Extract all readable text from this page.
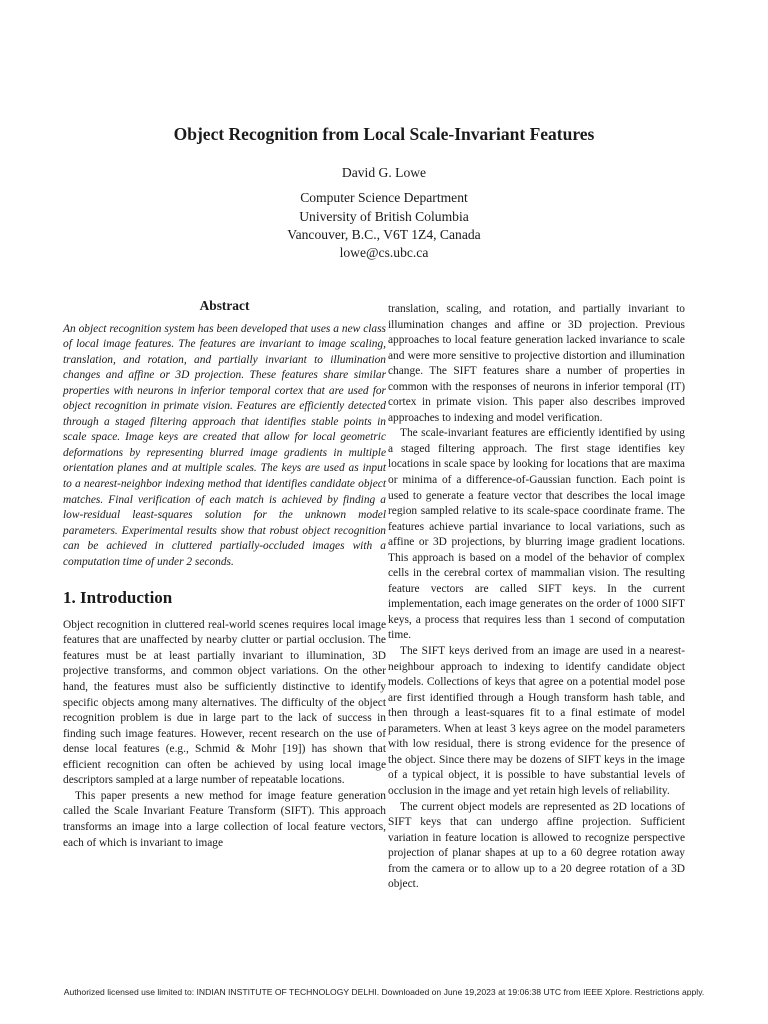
Object Recognition from Local Scale-Invariant Features
David G. Lowe
Computer Science Department
University of British Columbia
Vancouver, B.C., V6T 1Z4, Canada
lowe@cs.ubc.ca
Abstract

An object recognition system has been developed that uses a new class of local image features. The features are invariant to image scaling, translation, and rotation, and partially invariant to illumination changes and affine or 3D projection. These features share similar properties with neurons in inferior temporal cortex that are used for object recognition in primate vision. Features are efficiently detected through a staged filtering approach that identifies stable points in scale space. Image keys are created that allow for local geometric deformations by representing blurred image gradients in multiple orientation planes and at multiple scales. The keys are used as input to a nearest-neighbor indexing method that identifies candidate object matches. Final verification of each match is achieved by finding a low-residual least-squares solution for the unknown model parameters. Experimental results show that robust object recognition can be achieved in cluttered partially-occluded images with a computation time of under 2 seconds.

1. Introduction

Object recognition in cluttered real-world scenes requires local image features that are unaffected by nearby clutter or partial occlusion. The features must be at least partially invariant to illumination, 3D projective transforms, and common object variations. On the other hand, the features must also be sufficiently distinctive to identify specific objects among many alternatives. The difficulty of the object recognition problem is due in large part to the lack of success in finding such image features. However, recent research on the use of dense local features (e.g., Schmid & Mohr [19]) has shown that efficient recognition can often be achieved by using local image descriptors sampled at a large number of repeatable locations.

This paper presents a new method for image feature generation called the Scale Invariant Feature Transform (SIFT). This approach transforms an image into a large collection of local feature vectors, each of which is invariant to image

translation, scaling, and rotation, and partially invariant to illumination changes and affine or 3D projection. Previous approaches to local feature generation lacked invariance to scale and were more sensitive to projective distortion and illumination change. The SIFT features share a number of properties in common with the responses of neurons in inferior temporal (IT) cortex in primate vision. This paper also describes improved approaches to indexing and model verification.

The scale-invariant features are efficiently identified by using a staged filtering approach. The first stage identifies key locations in scale space by looking for locations that are maxima or minima of a difference-of-Gaussian function. Each point is used to generate a feature vector that describes the local image region sampled relative to its scale-space coordinate frame. The features achieve partial invariance to local variations, such as affine or 3D projections, by blurring image gradient locations. This approach is based on a model of the behavior of complex cells in the cerebral cortex of mammalian vision. The resulting feature vectors are called SIFT keys. In the current implementation, each image generates on the order of 1000 SIFT keys, a process that requires less than 1 second of computation time.

The SIFT keys derived from an image are used in a nearest-neighbour approach to indexing to identify candidate object models. Collections of keys that agree on a potential model pose are first identified through a Hough transform hash table, and then through a least-squares fit to a final estimate of model parameters. When at least 3 keys agree on the model parameters with low residual, there is strong evidence for the presence of the object. Since there may be dozens of SIFT keys in the image of a typical object, it is possible to have substantial levels of occlusion in the image and yet retain high levels of reliability.

The current object models are represented as 2D locations of SIFT keys that can undergo affine projection. Sufficient variation in feature location is allowed to recognize perspective projection of planar shapes at up to a 60 degree rotation away from the camera or to allow up to a 20 degree rotation of a 3D object.

Authorized licensed use limited to: INDIAN INSTITUTE OF TECHNOLOGY DELHI. Downloaded on June 19,2023 at 19:06:38 UTC from IEEE Xplore. Restrictions apply.
